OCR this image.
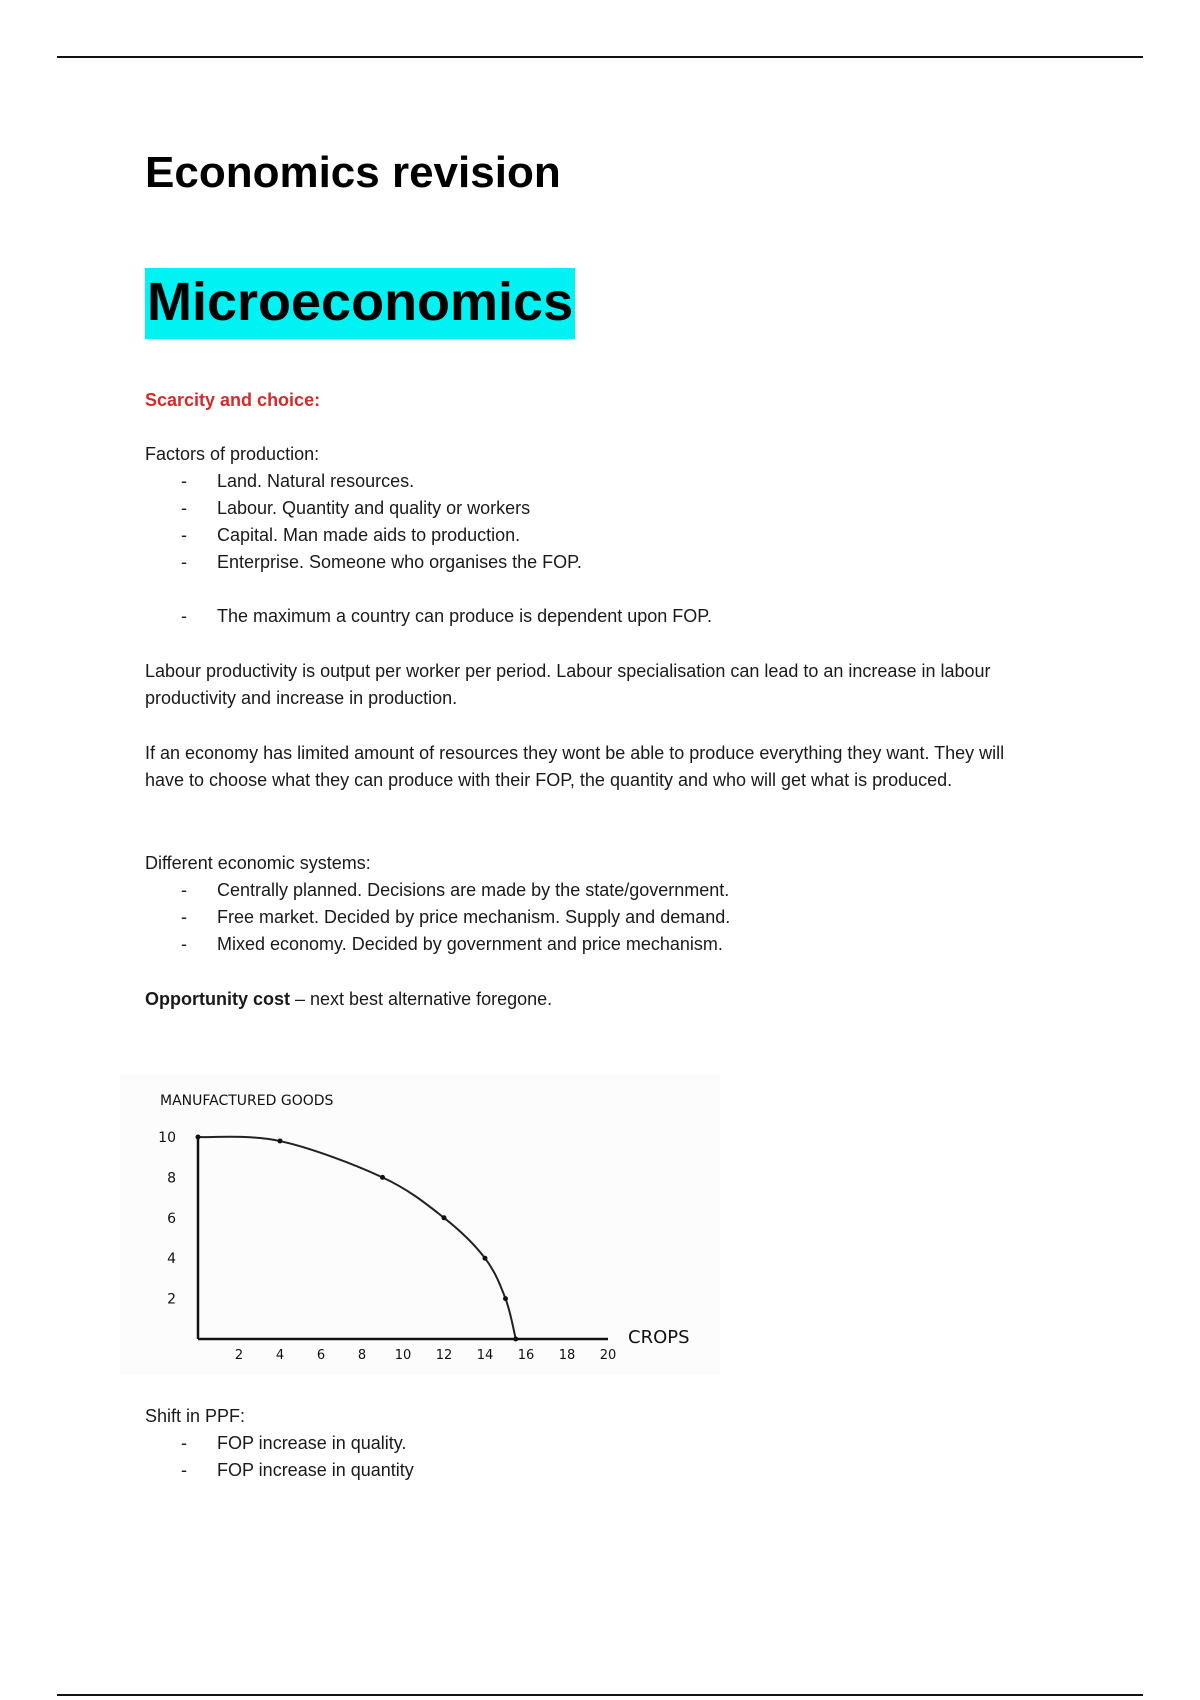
Economics revision
Microeconomics

Scarcity and choice:

Factors of production:

- Land. Natural resources.
- Labour. Quantity and quality or workers
- Capital. Man made aids to production.
- Enterprise. Someone who organises the FOP.
- The maximum a country can produce is dependent upon FOP.

Labour productivity is output per worker per period. Labour specialisation can lead to an increase in labour productivity and increase in production.

If an economy has limited amount of resources they wont be able to produce everything they want. They will have to choose what they can produce with their FOP, the quantity and who will get what is produced.

Different economic systems:

- Centrally planned. Decisions are made by the state/government.
- Free market. Decided by price mechanism. Supply and demand.
- Mixed economy. Decided by government and price mechanism.

Opportunity cost – next best alternative foregone.

Shift in PPF:

- FOP increase in quality.
- FOP increase in quantity
MANUFACTURED GOODS
CROPS
2	4	6	8 10 12 14 16 18 20
10
8
6
4
2
